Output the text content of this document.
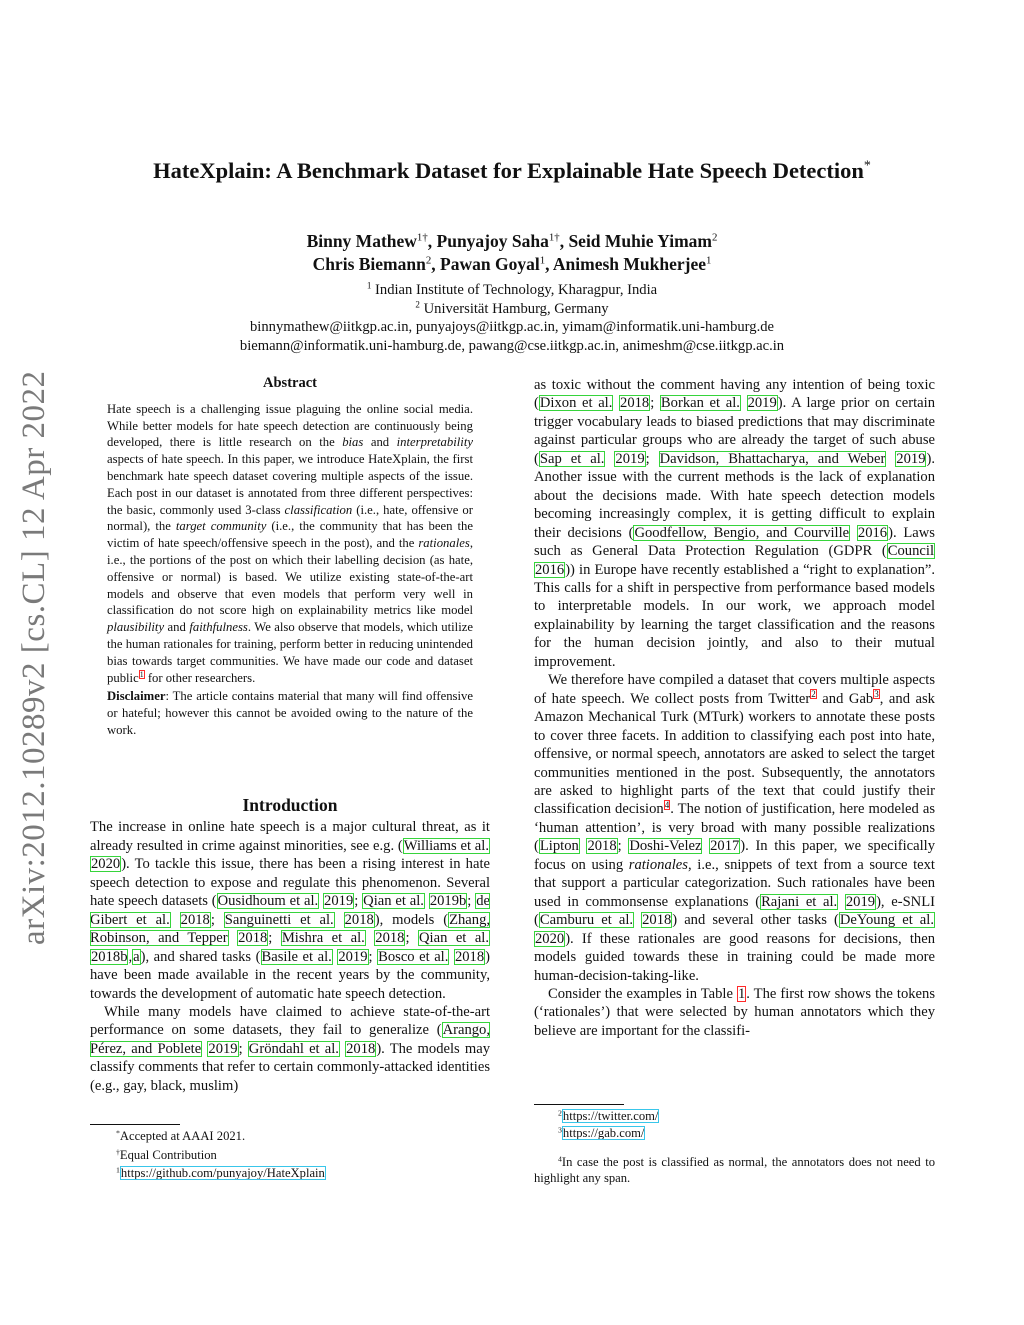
arXiv:2012.10289v2 [cs.CL] 12 Apr 2022
HateXplain: A Benchmark Dataset for Explainable Hate Speech Detection*
Binny Mathew$^{1\dagger}$, Punyajoy Saha$^{1\dagger}$, Seid Muhie Yimam$^2$
Chris Biemann$^2$, Pawan Goyal$^1$, Animesh Mukherjee$^1$
$^1$ Indian Institute of Technology, Kharagpur, India
$^2$ Universität Hamburg, Germany
binnymathew@iitkgp.ac.in, punyajoys@iitkgp.ac.in, yimam@informatik.uni-hamburg.de
biemann@informatik.uni-hamburg.de, pawang@cse.iitkgp.ac.in, animeshm@cse.iitkgp.ac.in
Abstract

Hate speech is a challenging issue plaguing the online social media. While better models for hate speech detection are continuously being developed, there is little research on the bias and interpretability aspects of hate speech. In this paper, we introduce HateXplain, the first benchmark hate speech dataset covering multiple aspects of the issue. Each post in our dataset is annotated from three different perspectives: the basic, commonly used 3-class classification (i.e., hate, offensive or normal), the target community (i.e., the community that has been the victim of hate speech/offensive speech in the post), and the rationales, i.e., the portions of the post on which their labelling decision (as hate, offensive or normal) is based. We utilize existing state-of-the-art models and observe that even models that perform very well in classification do not score high on explainability metrics like model plausibility and faithfulness. We also observe that models, which utilize the human rationales for training, perform better in reducing unintended bias towards target communities. We have made our code and dataset public$^1$ for other researchers.

Disclaimer: The article contains material that many will find offensive or hateful; however this cannot be avoided owing to the nature of the work.

Introduction

The increase in online hate speech is a major cultural threat, as it already resulted in crime against minorities, see e.g. (Williams et al. 2020). To tackle this issue, there has been a rising interest in hate speech detection to expose and regulate this phenomenon. Several hate speech datasets (Ousidhoum et al. 2019; Qian et al. 2019b; de Gibert et al. 2018; Sanguinetti et al. 2018), models (Zhang, Robinson, and Tepper 2018; Mishra et al. 2018; Qian et al. 2018b,a), and shared tasks (Basile et al. 2019; Bosco et al. 2018) have been made available in the recent years by the community, towards the development of automatic hate speech detection.

While many models have claimed to achieve state-of-the-art performance on some datasets, they fail to generalize (Arango, Pérez, and Poblete 2019; Gröndahl et al. 2018). The models may classify comments that refer to certain commonly-attacked identities (e.g., gay, black, muslim)

*Accepted at AAAI 2021.

†Equal Contribution

$^1$https://github.com/punyajoy/HateXplain

as toxic without the comment having any intention of being toxic (Dixon et al. 2018; Borkan et al. 2019). A large prior on certain trigger vocabulary leads to biased predictions that may discriminate against particular groups who are already the target of such abuse (Sap et al. 2019; Davidson, Bhattacharya, and Weber 2019). Another issue with the current methods is the lack of explanation about the decisions made. With hate speech detection models becoming increasingly complex, it is getting difficult to explain their decisions (Goodfellow, Bengio, and Courville 2016). Laws such as General Data Protection Regulation (GDPR (Council 2016)) in Europe have recently established a “right to explanation”. This calls for a shift in perspective from performance based models to interpretable models. In our work, we approach model explainability by learning the target classification and the reasons for the human decision jointly, and also to their mutual improvement.

We therefore have compiled a dataset that covers multiple aspects of hate speech. We collect posts from Twitter$^2$ and Gab$^3$, and ask Amazon Mechanical Turk (MTurk) workers to annotate these posts to cover three facets. In addition to classifying each post into hate, offensive, or normal speech, annotators are asked to select the target communities mentioned in the post. Subsequently, the annotators are asked to highlight parts of the text that could justify their classification decision$^4$. The notion of justification, here modeled as ‘human attention’, is very broad with many possible realizations (Lipton 2018; Doshi-Velez 2017). In this paper, we specifically focus on using rationales, i.e., snippets of text from a source text that support a particular categorization. Such rationales have been used in commonsense explanations (Rajani et al. 2019), e-SNLI (Camburu et al. 2018) and several other tasks (DeYoung et al. 2020). If these rationales are good reasons for decisions, then models guided towards these in training could be made more human-decision-taking-like.

Consider the examples in Table 1. The first row shows the tokens (‘rationales’) that were selected by human annotators which they believe are important for the classifi-

$^2$https://twitter.com/

$^3$https://gab.com/

$^4$In case the post is classified as normal, the annotators does not need to highlight any span.
